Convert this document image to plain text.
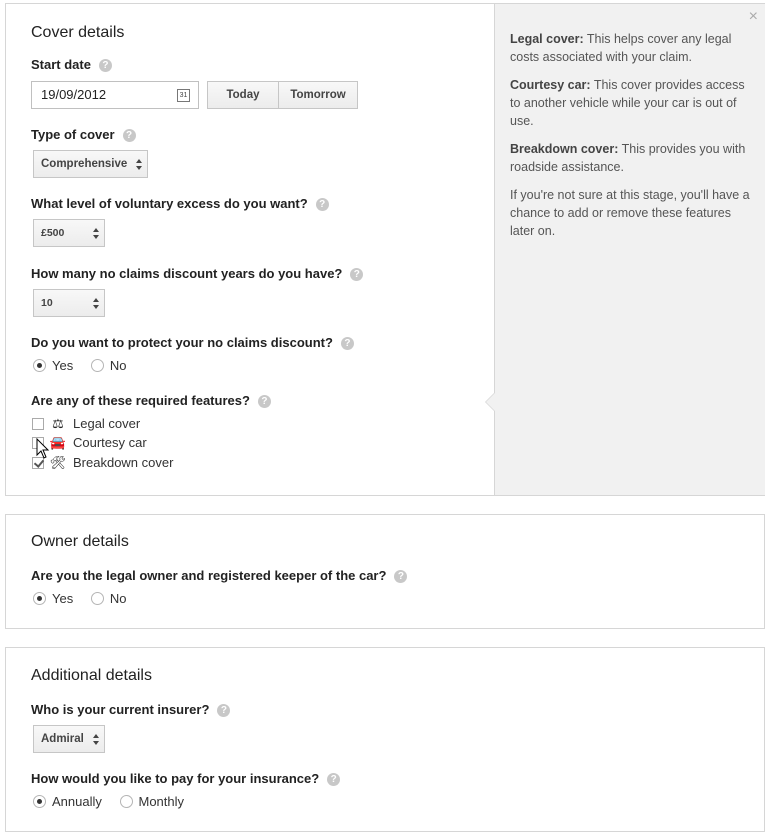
Cover details
Start date ?
19/09/2012	31	Today	Tomorrow
Type of cover ?
Comprehensive
What level of voluntary excess do you want? ?
£500
How many no claims discount years do you have? ?
10
Do you want to protect your no claims discount? ?
Yes	No
Are any of these required features? ?
⚖ Legal cover
🚘 Courtesy car
🛠 Breakdown cover
×

Legal cover: This helps cover any legal costs associated with your claim.

Courtesy car: This cover provides access to another vehicle while your car is out of use.

Breakdown cover: This provides you with roadside assistance.

If you're not sure at this stage, you'll have a chance to add or remove these features later on.

Owner details
Are you the legal owner and registered keeper of the car? ?
Yes	No
Additional details
Who is your current insurer? ?
Admiral
How would you like to pay for your insurance? ?
Annually	Monthly
